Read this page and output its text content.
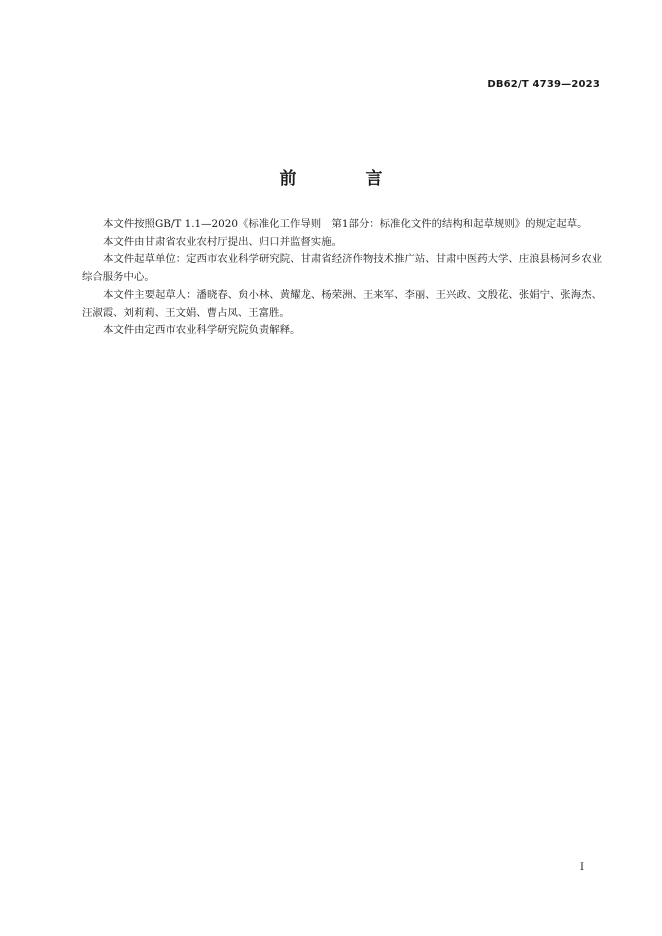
DB62/T 4739—2023
前　言

本文件按照GB/T 1.1—2020《标准化工作导则　第1部分：标准化文件的结构和起草规则》的规定起草。

本文件由甘肃省农业农村厅提出、归口并监督实施。

本文件起草单位：定西市农业科学研究院、甘肃省经济作物技术推广站、甘肃中医药大学、庄浪县杨河乡农业综合服务中心。

本文件主要起草人：潘晓春、贠小林、黄耀龙、杨荣洲、王来军、李丽、王兴政、文殷花、张娟宁、张海杰、汪淑霞、刘莉莉、王文娟、曹占凤、王富胜。

本文件由定西市农业科学研究院负责解释。

I
